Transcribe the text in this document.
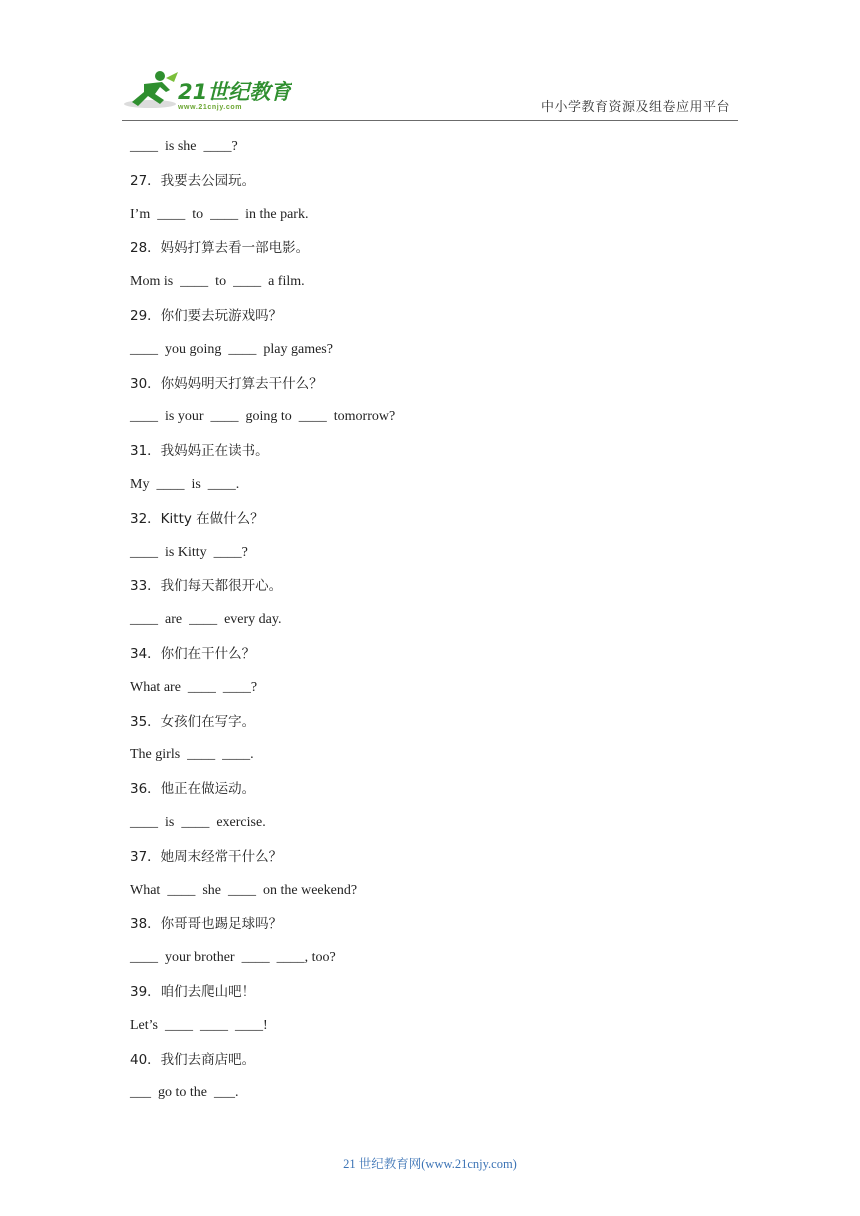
21世纪教育
www.21cnjy.com	中小学教育资源及组卷应用平台
____  is she  ____?
27．我要去公园玩。
I’m  ____  to  ____  in the park.
28．妈妈打算去看一部电影。
Mom is  ____  to  ____  a film.
29．你们要去玩游戏吗？
____  you going  ____  play games?
30．你妈妈明天打算去干什么？
____  is your  ____  going to  ____  tomorrow?
31．我妈妈正在读书。
My  ____  is  ____.
32．Kitty 在做什么？
____  is Kitty  ____?
33．我们每天都很开心。
____  are  ____  every day.
34．你们在干什么？
What are  ____  ____?
35．女孩们在写字。
The girls  ____  ____.
36．他正在做运动。
____  is  ____  exercise.
37．她周末经常干什么？
What  ____  she  ____  on the weekend?
38．你哥哥也踢足球吗？
____  your brother  ____  ____, too?
39．咱们去爬山吧！
Let’s  ____  ____  ____!
40．我们去商店吧。
___  go to the  ___.
21 世纪教育网(www.21cnjy.com)
